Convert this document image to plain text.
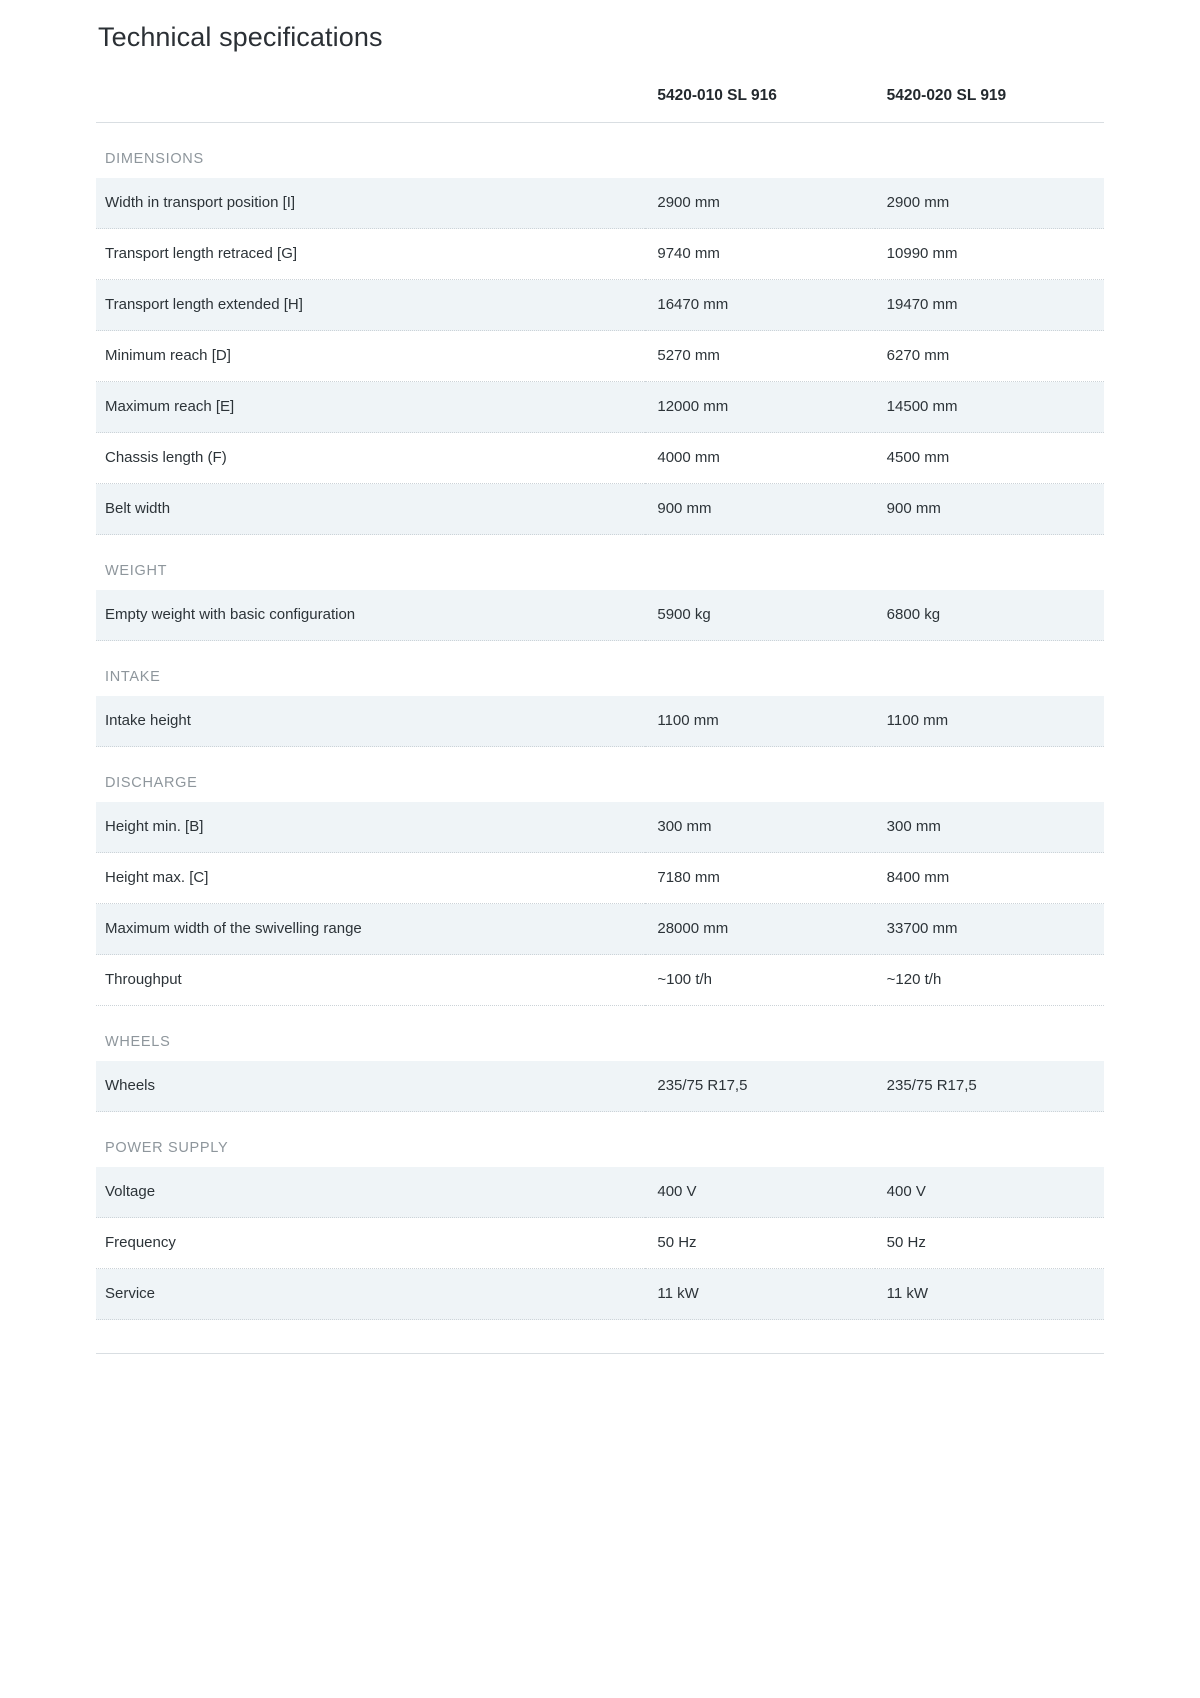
Technical specifications
	5420-010 SL 916	5420-020 SL 919
DIMENSIONS		
Width in transport position [I]	2900 mm	2900 mm
Transport length retraced [G]	9740 mm	10990 mm
Transport length extended [H]	16470 mm	19470 mm
Minimum reach [D]	5270 mm	6270 mm
Maximum reach [E]	12000 mm	14500 mm
Chassis length (F)	4000 mm	4500 mm
Belt width	900 mm	900 mm
WEIGHT		
Empty weight with basic configuration	5900 kg	6800 kg
INTAKE		
Intake height	1100 mm	1100 mm
DISCHARGE		
Height min. [B]	300 mm	300 mm
Height max. [C]	7180 mm	8400 mm
Maximum width of the swivelling range	28000 mm	33700 mm
Throughput	~100 t/h	~120 t/h
WHEELS		
Wheels	235/75 R17,5	235/75 R17,5
POWER SUPPLY		
Voltage	400 V	400 V
Frequency	50 Hz	50 Hz
Service	11 kW	11 kW
